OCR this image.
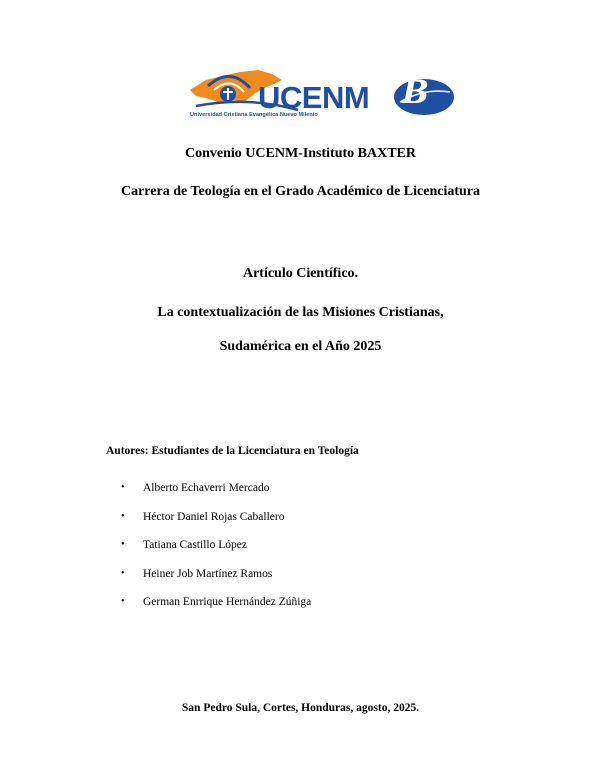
B
UCENM
Universidad Cristiana Evangélica Nuevo Milenio
Convenio UCENM-Instituto BAXTER
Carrera de Teología en el Grado Académico de Licenciatura
Artículo Científico.
La contextualización de las Misiones Cristianas,
Sudamérica en el Año 2025
Autores: Estudiantes de la Licenciatura en Teología
• Alberto Echaverri Mercado
• Héctor Daniel Rojas Caballero
• Tatiana Castillo López
• Heiner Job Martínez Ramos
• German Enrrique Hernández Zúñiga
San Pedro Sula, Cortes, Honduras, agosto, 2025.
